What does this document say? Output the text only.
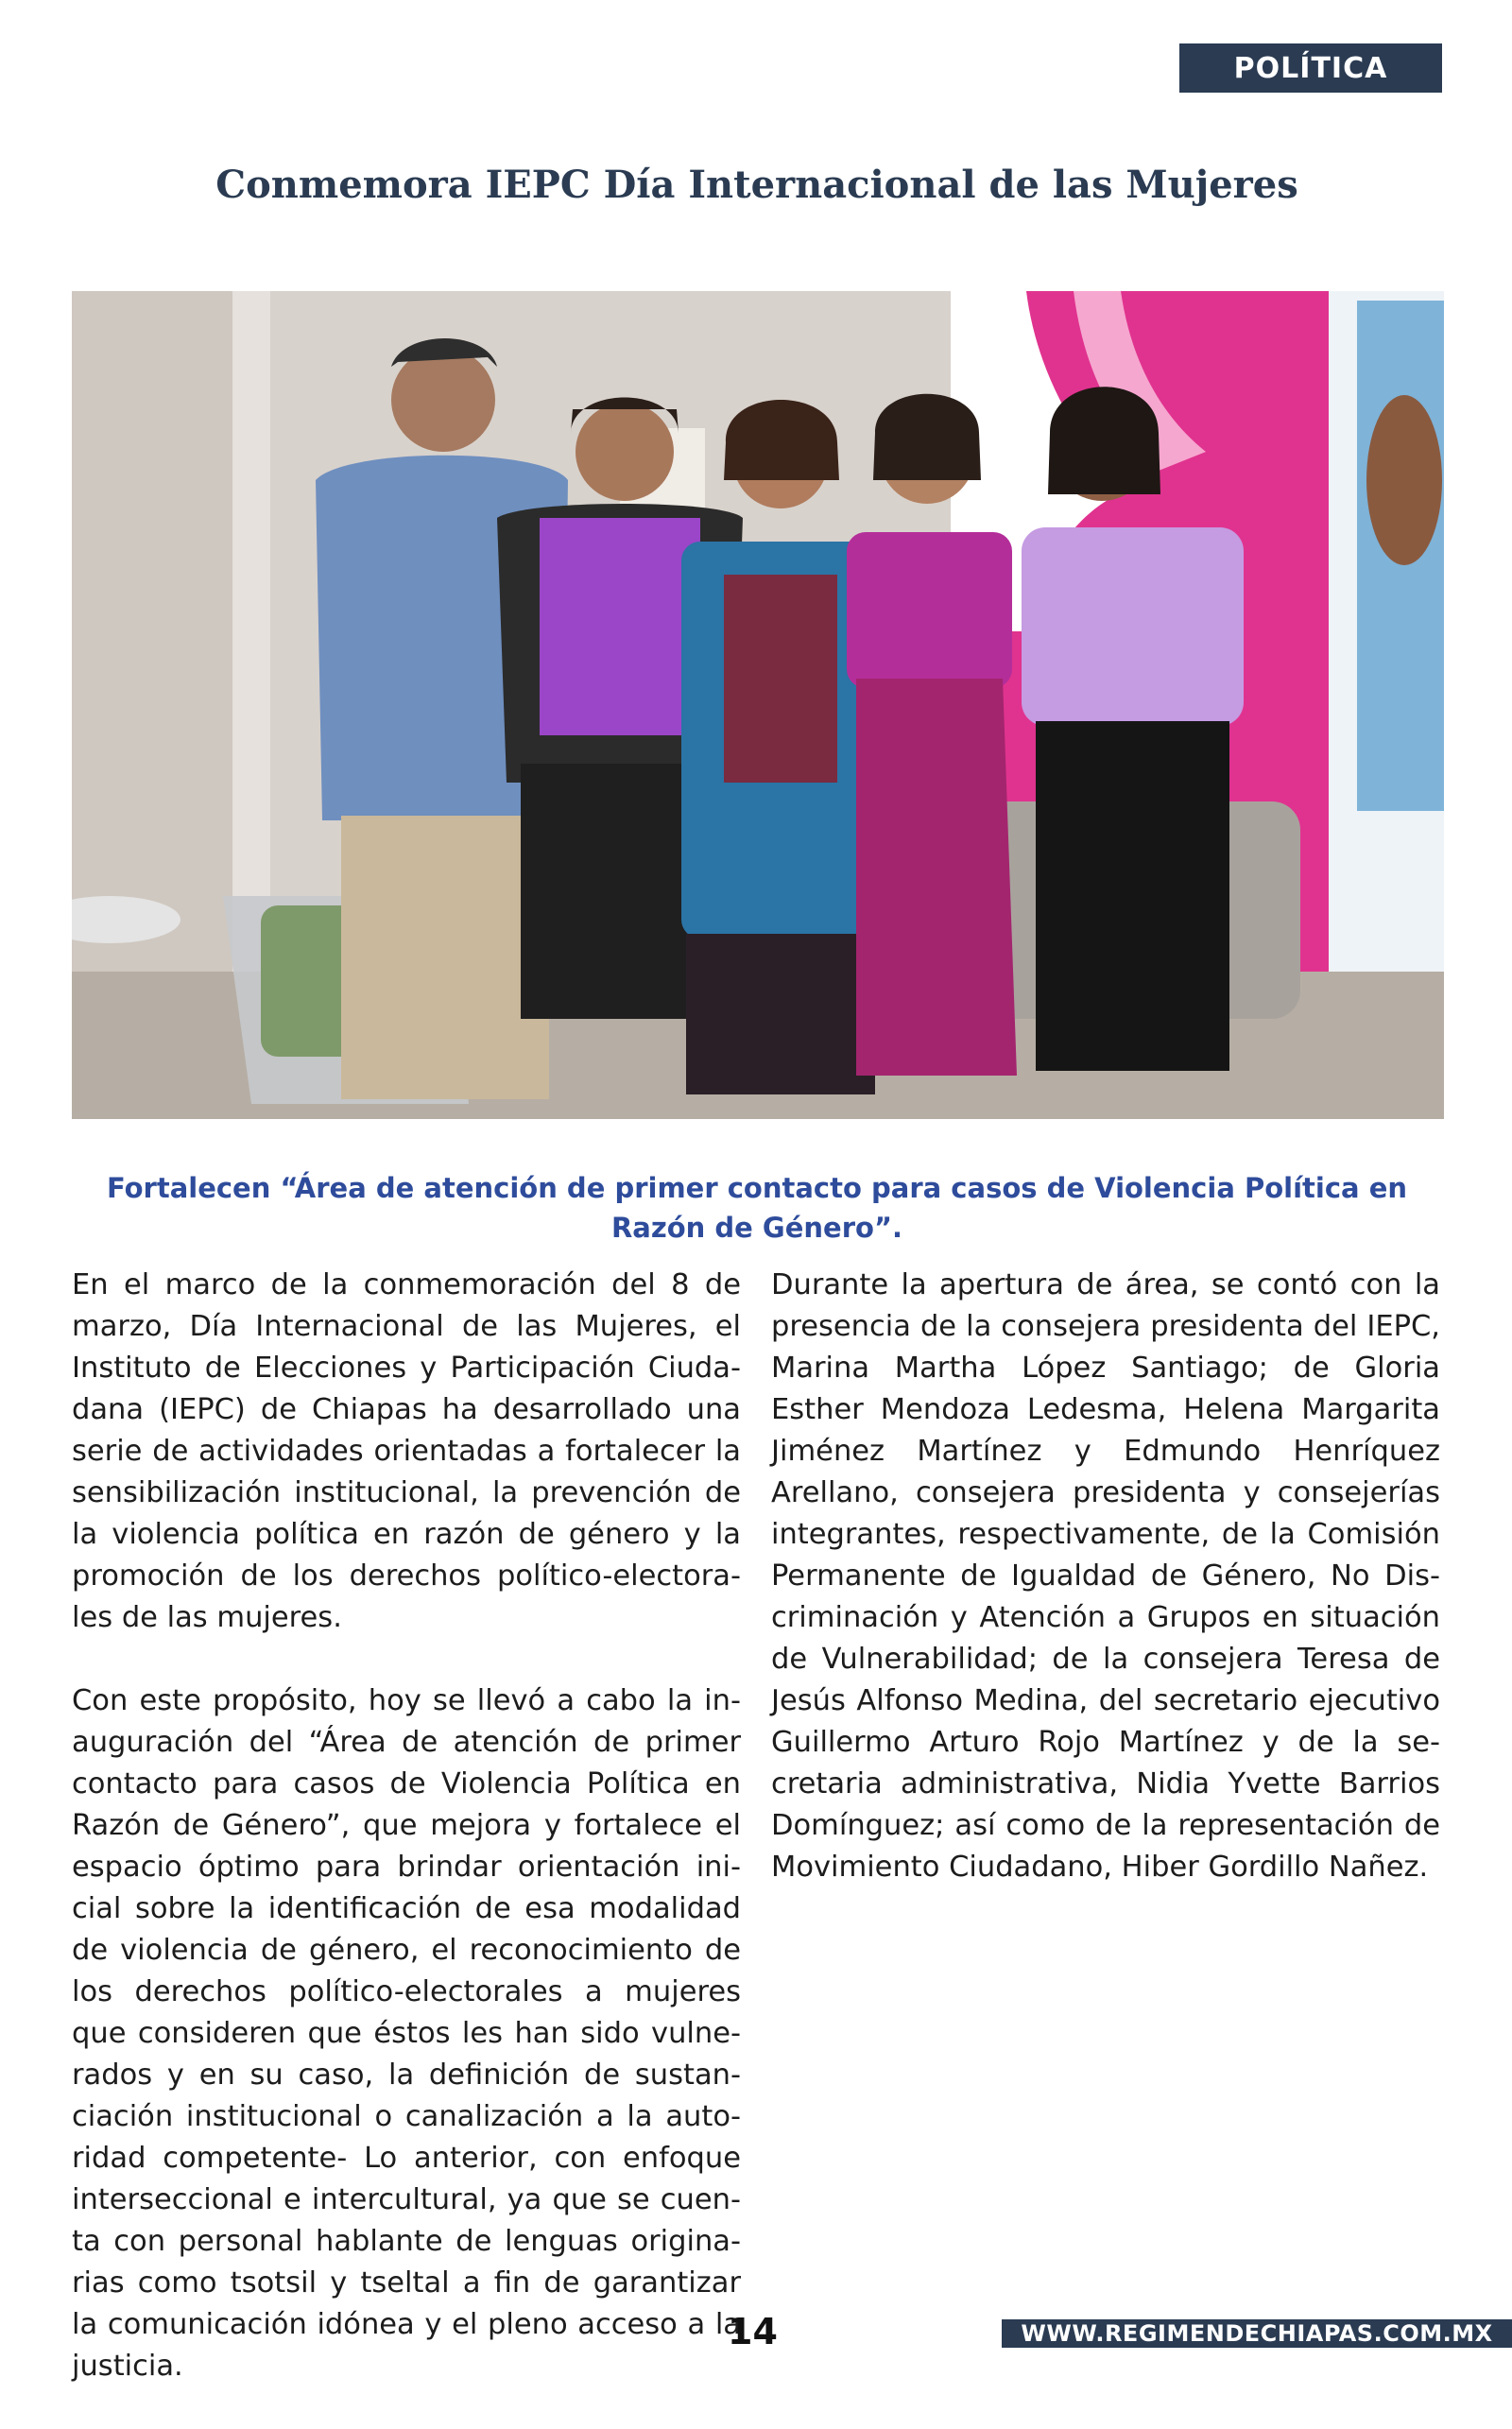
POLÍTICA
Conmemora IEPC Día Internacional de las Mujeres

Fortalecen “Área de atención de primer contacto para casos de Violencia Política en Razón de Género”.

En el marco de la conmemoración del 8 de marzo, Día Internacional de las Mujeres, el Instituto de Elecciones y Participación Ciudadana (IEPC) de Chiapas ha desarrollado una serie de actividades orientadas a fortalecer la sensibilización institucional, la prevención de la violencia política en razón de género y la promoción de los derechos político-electorales de las mujeres.

Con este propósito, hoy se llevó a cabo la inauguración del “Área de atención de primer contacto para casos de Violencia Política en Razón de Género”, que mejora y fortalece el espacio óptimo para brindar orientación inicial sobre la identificación de esa modalidad de violencia de género, el reconocimiento de los derechos político-electorales a mujeres que consideren que éstos les han sido vulnerados y en su caso, la definición de sustanciación institucional o canalización a la autoridad competente- Lo anterior, con enfoque interseccional e intercultural, ya que se cuenta con personal hablante de lenguas originarias como tsotsil y tseltal a fin de garantizar la comunicación idónea y el pleno acceso a la justicia.

Durante la apertura de área, se contó con la presencia de la consejera presidenta del IEPC, Marina Martha López Santiago; de Gloria Esther Mendoza Ledesma, Helena Margarita Jiménez Martínez y Edmundo Henríquez Arellano, consejera presidenta y consejerías integrantes, respectivamente, de la Comisión Permanente de Igualdad de Género, No Discriminación y Atención a Grupos en situación de Vulnerabilidad; de la consejera Teresa de Jesús Alfonso Medina, del secretario ejecutivo Guillermo Arturo Rojo Martínez y de la secretaria administrativa, Nidia Yvette Barrios Domínguez; así como de la representación de Movimiento Ciudadano, Hiber Gordillo Nañez.

14	WWW.REGIMENDECHIAPAS.COM.MX
